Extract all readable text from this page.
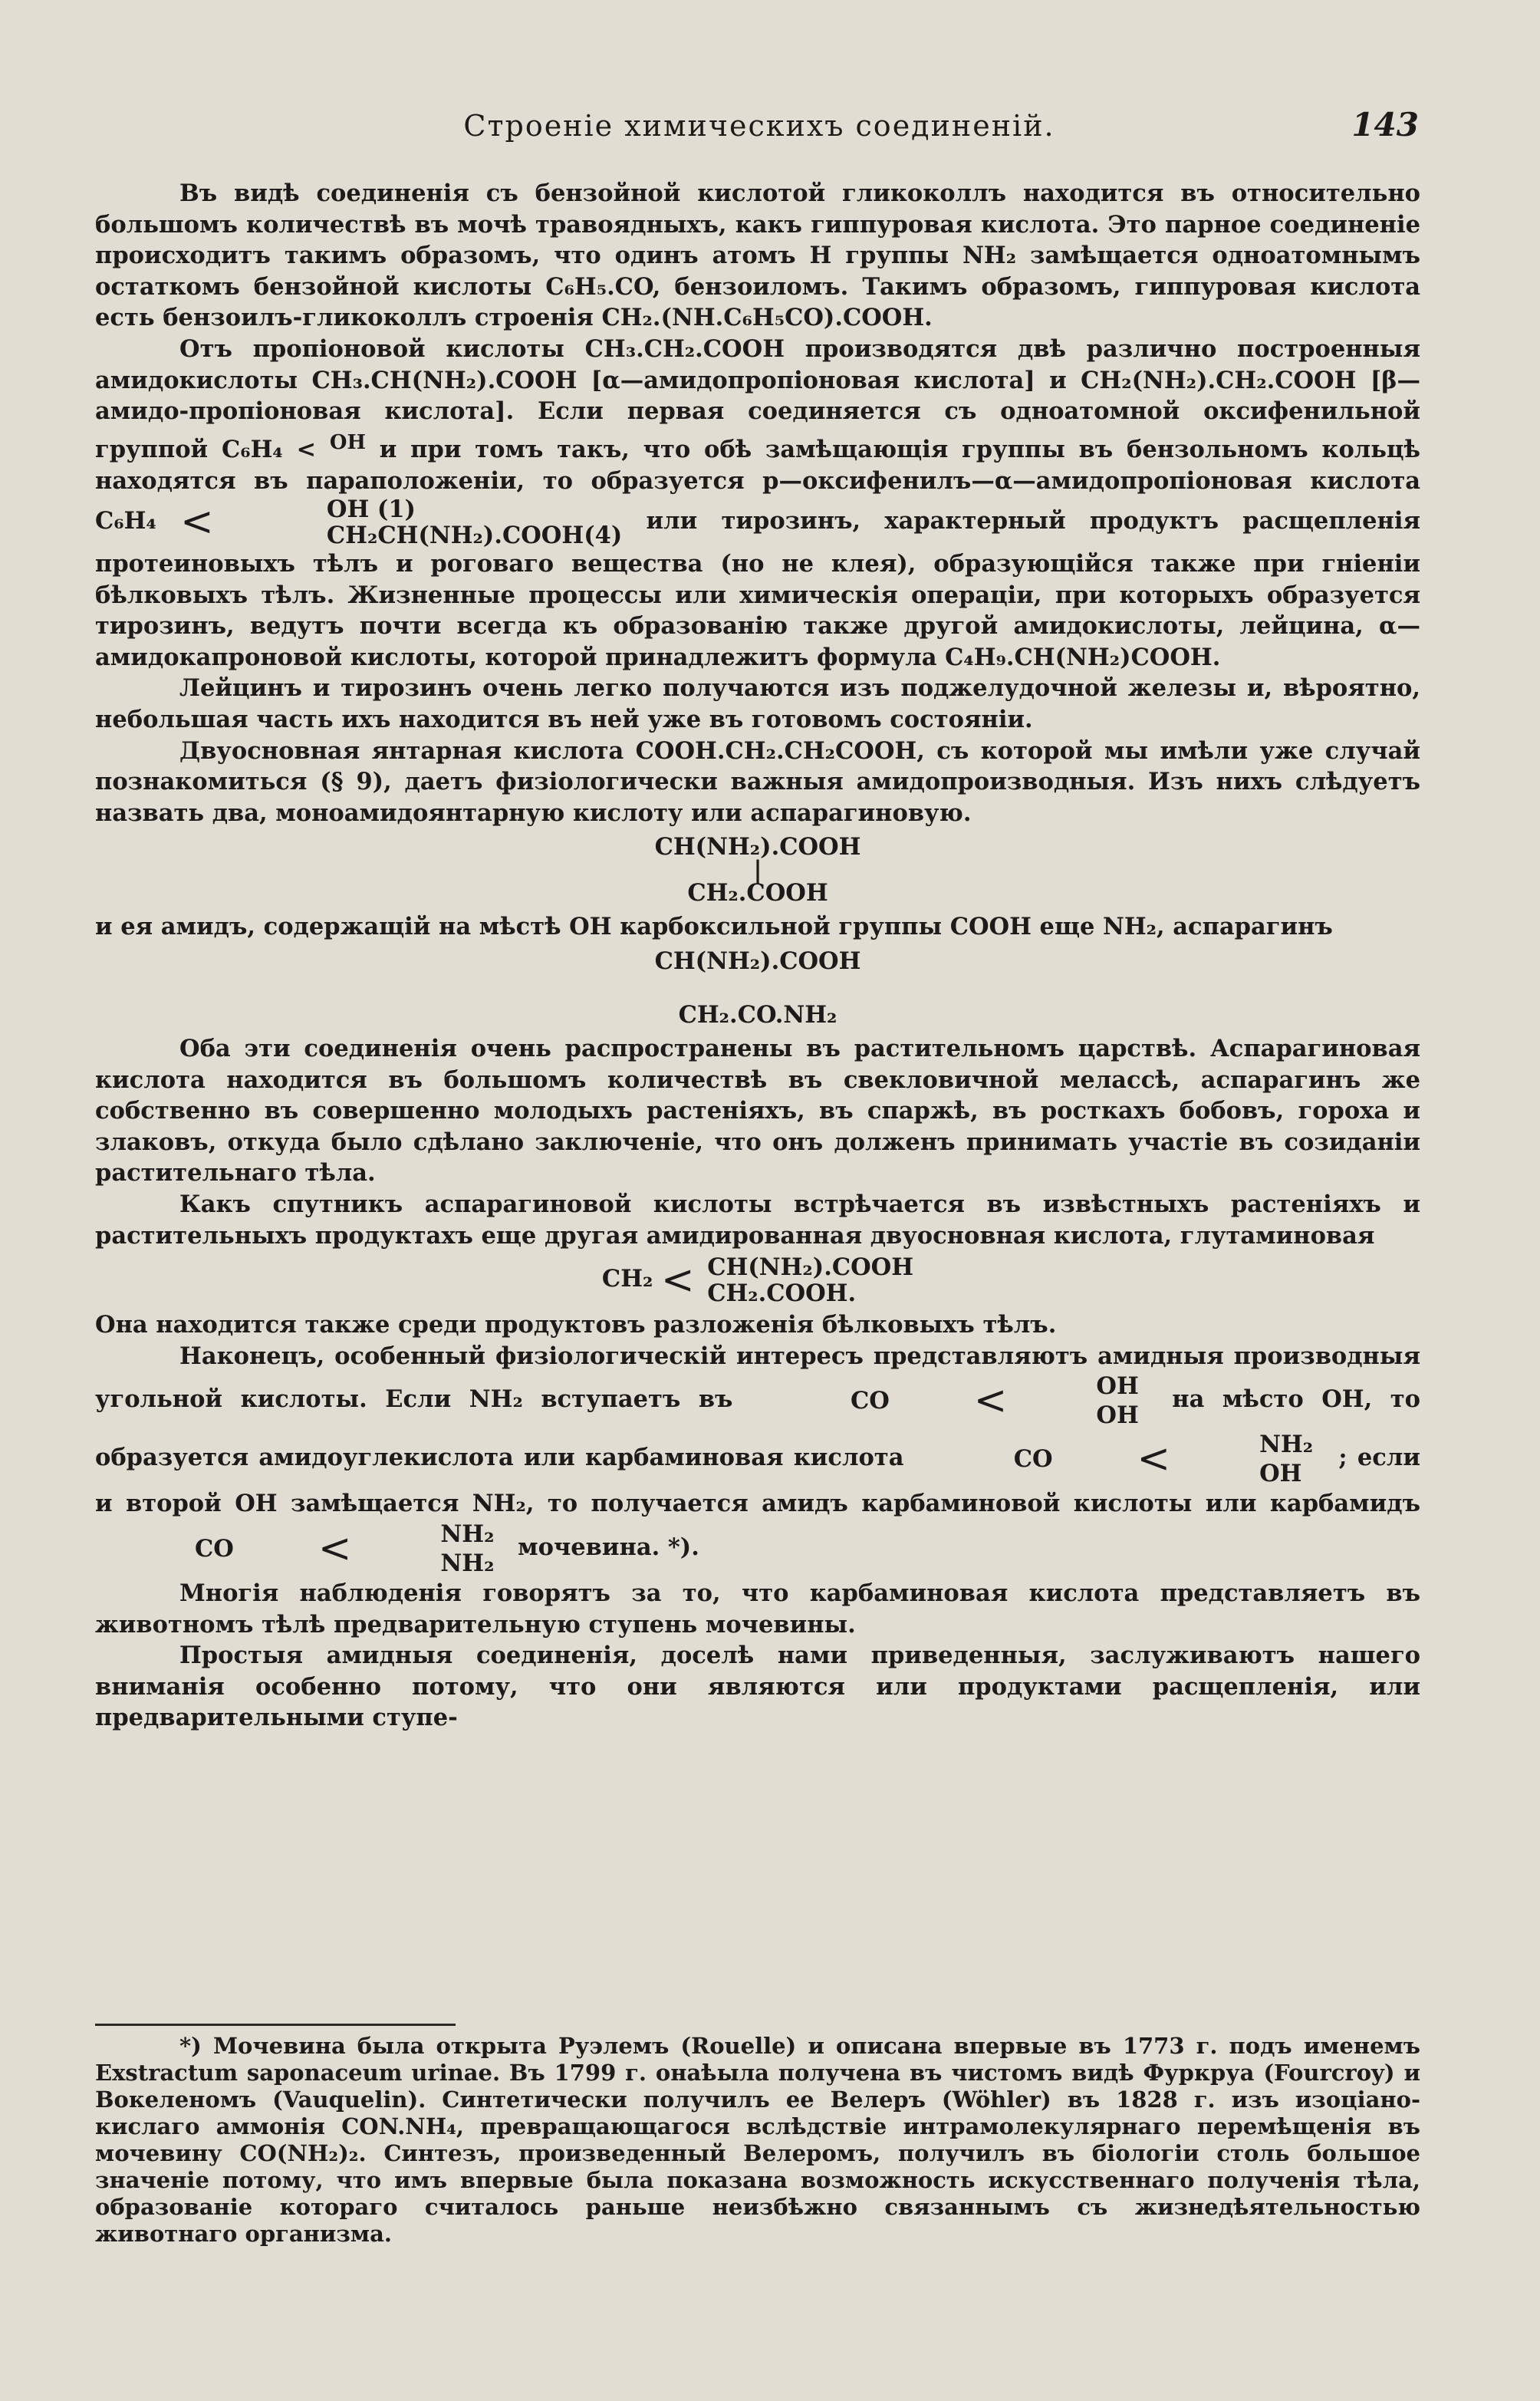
Строеніе химическихъ соединеній.	143

Въ видѣ соединенія съ бензойной кислотой гликоколлъ находится въ относительно большомъ количествѣ въ мочѣ травоядныхъ, какъ гиппуровая кислота. Это парное соединеніе происходитъ такимъ образомъ, что одинъ атомъ H группы NH₂ замѣщается одноатомнымъ остаткомъ бензойной кислоты C₆H₅.CO, бензоиломъ. Такимъ образомъ, гиппуровая кислота есть бензоилъ-гликоколлъ строенія CH₂.(NH.C₆H₅CO).COOH.

Отъ пропіоновой кислоты CH₃.CH₂.COOH производятся двѣ различно построенныя амидокислоты CH₃.CH(NH₂).COOH [α—амидопропіоновая кислота] и CH₂(NH₂).CH₂.COOH [β—амидо-пропіоновая кислота]. Если первая соединяется съ одноатомной оксифенильной группой C₆H₄ < $^{OH}$ и при томъ такъ, что обѣ замѣщающія группы въ бензольномъ кольцѣ находятся въ параположеніи, то образуется p—оксифенилъ—α—амидопропіоновая кислота C₆H₄ <	OH (1)
CH₂CH(NH₂).COOH(4)
или тирозинъ, характерный продуктъ расщепленія протеиновыхъ тѣлъ и роговаго вещества (но не клея), образующійся также при гніеніи бѣлковыхъ тѣлъ. Жизненные процессы или химическія операціи, при которыхъ образуется тирозинъ, ведутъ почти всегда къ образованію также другой амидокислоты, лейцина, α—амидокапроновой кислоты, которой принадлежитъ формула C₄H₉.CH(NH₂)COOH.

Лейцинъ и тирозинъ очень легко получаются изъ поджелудочной железы и, вѣроятно, небольшая часть ихъ находится въ ней уже въ готовомъ состояніи.

Двуосновная янтарная кислота COOH.CH₂.CH₂COOH, съ которой мы имѣли уже случай познакомиться (§ 9), даетъ физіологически важныя амидопроизводныя. Изъ нихъ слѣдуетъ назвать два, моноамидоянтарную кислоту или аспарагиновую.

CH(NH₂).COOH
|
CH₂.COOH

и ея амидъ, содержащій на мѣстѣ OH карбоксильной группы COOH еще NH₂, аспарагинъ

CH(NH₂).COOH
CH₂.CO.NH₂

Оба эти соединенія очень распространены въ растительномъ царствѣ. Аспарагиновая кислота находится въ большомъ количествѣ въ свекловичной мелассѣ, аспарагинъ же собственно въ совершенно молодыхъ растеніяхъ, въ спаржѣ, въ росткахъ бобовъ, гороха и злаковъ, откуда было сдѣлано заключеніе, что онъ долженъ принимать участіе въ созиданіи растительнаго тѣла.

Какъ спутникъ аспарагиновой кислоты встрѣчается въ извѣстныхъ растеніяхъ и растительныхъ продуктахъ еще другая амидированная двуосновная кислота, глутаминовая

CH₂ < CH(NH₂).COOH
CH₂.COOH.

Она находится также среди продуктовъ разложенія бѣлковыхъ тѣлъ.

Наконецъ, особенный физіологическій интересъ представляютъ амидныя производныя угольной кислоты. Если NH₂ вступаетъ въ	CO	<	OH
OH
на мѣсто OH, то образуется амидоуглекислота или карбаминовая кислота	CO	<	NH₂
OH
; если и второй OH замѣщается NH₂, то получается амидъ карбаминовой кислоты или карбамидъ
CO	<	NH₂
NH₂
мочевина. *).

Многія наблюденія говорятъ за то, что карбаминовая кислота представляетъ въ животномъ тѣлѣ предварительную ступень мочевины.

Простыя амидныя соединенія, доселѣ нами приведенныя, заслуживаютъ нашего вниманія особенно потому, что они являются или продуктами расщепленія, или предварительными ступе-

*) Мочевина была открыта Руэлемъ (Rouelle) и описана впервые въ 1773 г. подъ именемъ Exstractum saponaceum urinae. Въ 1799 г. онаѣыла получена въ чистомъ видѣ Фуркруа (Fourcroy) и Вокеленомъ (Vauquelin). Синтетически получилъ ее Велеръ (Wöhler) въ 1828 г. изъ изоціано-кислаго аммонія CON.NH₄, превращающагося вслѣдствіе интрамолекулярнаго перемѣщенія въ мочевину CO(NH₂)₂. Синтезъ, произведенный Велеромъ, получилъ въ біологіи столь большое значеніе потому, что имъ впервые была показана возможность искусственнаго полученія тѣла, образованіе котораго считалось раньше неизбѣжно связаннымъ съ жизнедѣятельностью животнаго организма.
